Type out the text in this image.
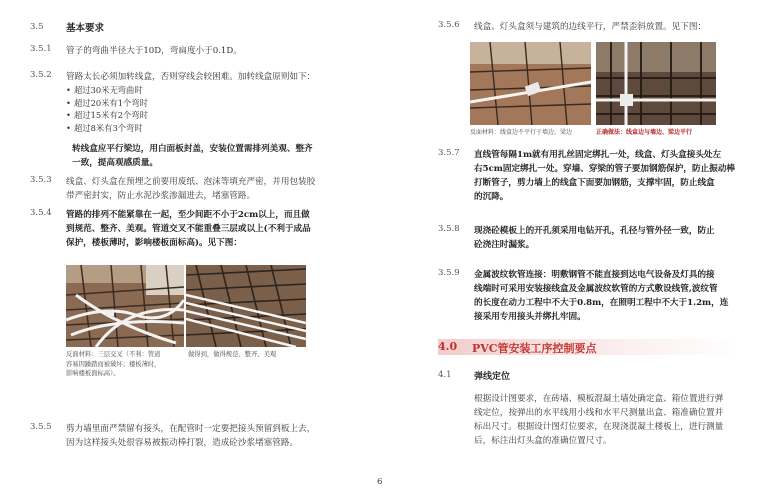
3.5	基本要求
3.5.1	管子的弯曲半径大于10D，弯扁度小于0.1D。
3.5.2	管路太长必须加转线盒，否则穿线会较困难。加转线盒原则如下：
• 超过30米无弯曲时
• 超过20米有1个弯时
• 超过15米有2个弯时
• 超过8米有3个弯时
转线盒应平行梁边，用白面板封盖，安装位置需排列美观、整齐
一致，提高观感质量。
3.5.3	线盒、灯头盒在预埋之前要用废纸、泡沫等填充严密，并用包装胶
带严密封实，防止水泥沙浆渗漏进去，堵塞管路。
3.5.4	管路的排列不能紧靠在一起，至少间距不小于2cm以上，而且做
到规范、整齐、美观。管道交叉不能重叠三层或以上(不利于成品
保护，楼板薄时，影响楼板面标高)。见下图：
反面材料：三层交叉（不利：管道
容易因躁踏而被破坏；楼板薄时，
影响楼板面标高）。
做得到，做得规范、整齐、美观
3.5.5	剪力墙里面严禁留有接头，在配管时一定要把接头预留到板上去，
因为这样接头处很容易被振动棒打裂，造成砼沙浆堵塞管路。
6
3.5.6	线盒、灯头盒须与建筑的边线平行，严禁歪斜放置。见下图：
反面材料：线盒边不平行于墙边、梁边	正确做法：线盒边与墙边、梁边平行
3.5.7	直线管每隔1m就有用扎丝固定绑扎一处，线盒、灯头盒接头处左
右5cm固定绑扎一处。穿墙、穿梁的管子要加钢筋保护，防止振动棒
打断管子，剪力墙上的线盒下面要加钢筋，支撑牢固，防止线盒
的沉降。
3.5.8	现浇砼模板上的开孔须采用电钻开孔，孔径与管外径一致，防止
砼浇注时漏浆。
3.5.9	金属波纹软管连接：明敷钢管不能直接到达电气设备及灯具的接
线端时可采用安装接线盒及金属波纹软管的方式敷设线管,波纹管
的长度在动力工程中不大于0.8m，在照明工程中不大于1.2m，连
接采用专用接头并绑扎牢固。
4.0 PVC管安装工序控制要点
4.1	弹线定位
根据设计图要求，在砖墙、模板混凝土墙处确定盒、箱位置进行弹
线定位，按弹出的水平线用小线和水平尺测量出盒、箱准确位置并
标出尺寸。根据设计图灯位要求，在现浇混凝土楼板上，进行测量
后，标注出灯头盒的准确位置尺寸。
